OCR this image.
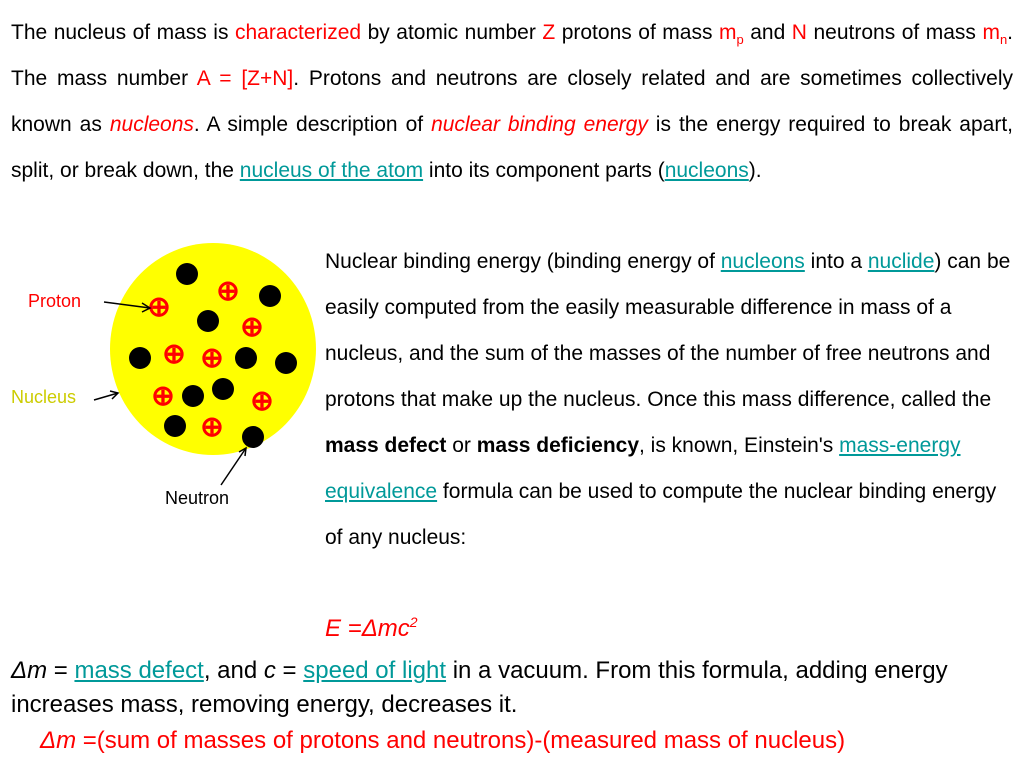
The nucleus of mass is characterized by atomic number Z protons of mass $m_p$ and N neutrons of mass $m_n$. The mass number A = [Z+N]. Protons and neutrons are closely related and are sometimes collectively known as nucleons. A simple description of nuclear binding energy is the energy required to break apart, split, or break down, the nucleus of the atom into its component parts (nucleons).

⊕
⊕
⊕
⊕ ⊕
⊕	⊕
⊕
Proton
Nucleus
Neutron

Nuclear binding energy (binding energy of nucleons into a nuclide) can be easily computed from the easily measurable difference in mass of a nucleus, and the sum of the masses of the number of free neutrons and protons that make up the nucleus. Once this mass difference, called the mass defect or mass deficiency, is known, Einstein's mass-energy equivalence formula can be used to compute the nuclear binding energy of any nucleus:

E =Δmc$^2$

Δm = mass defect, and c = speed of light in a vacuum. From this formula, adding energy increases mass, removing energy, decreases it.

Δm =(sum of masses of protons and neutrons)-(measured mass of nucleus)
